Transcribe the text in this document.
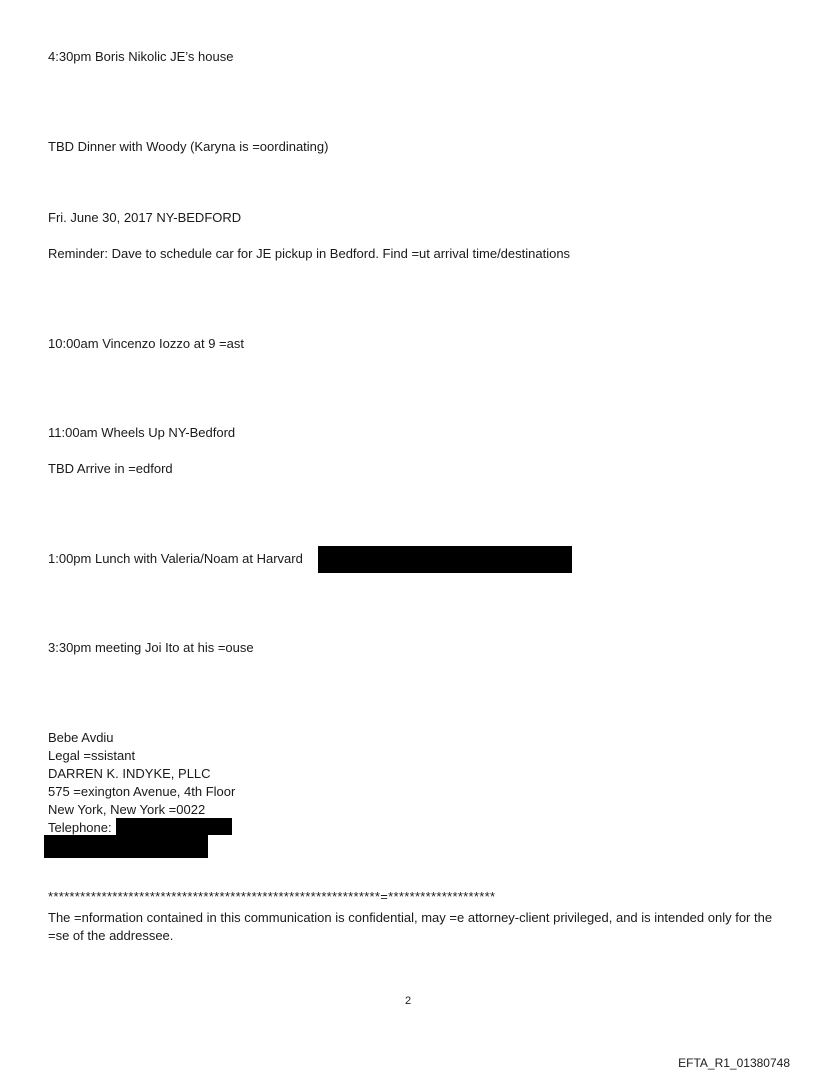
4:30pm Boris Nikolic JE’s house
TBD Dinner with Woody (Karyna is =oordinating)
Fri. June 30, 2017 NY-BEDFORD
Reminder: Dave to schedule car for JE pickup in Bedford. Find =ut arrival time/destinations
10:00am Vincenzo Iozzo at 9 =ast
11:00am Wheels Up NY-Bedford
TBD Arrive in =edford
1:00pm Lunch with Valeria/Noam at Harvard
3:30pm meeting Joi Ito at his =ouse
Bebe Avdiu
Legal =ssistant
DARREN K. INDYKE, PLLC
575 =exington Avenue, 4th Floor
New York, New York =0022
Telephone:
**************************************************************=********************
The =nformation contained in this communication is confidential, may =e attorney-client privileged, and is intended only for the =se of the addressee.
2
EFTA_R1_01380748
